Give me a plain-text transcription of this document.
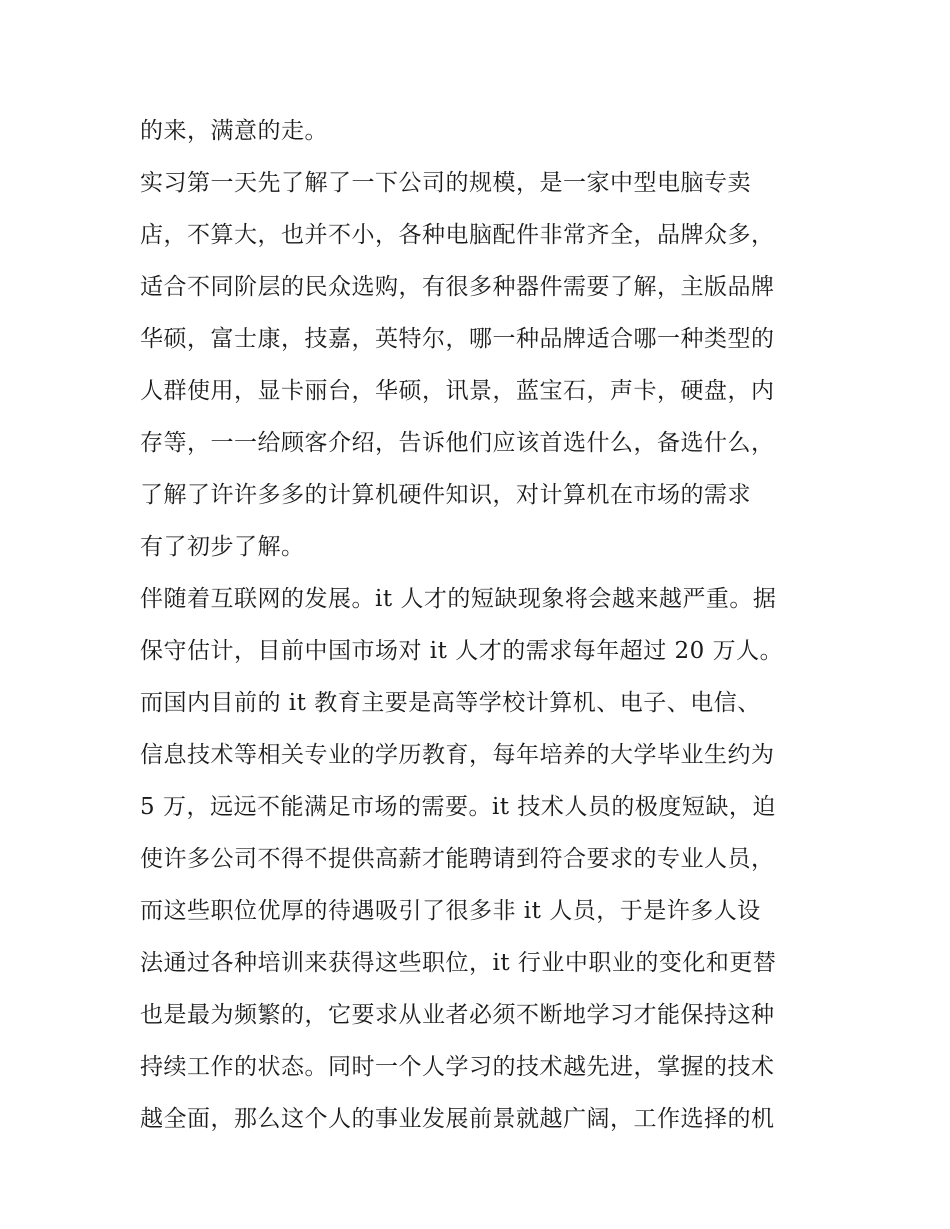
的来，满意的走。

实习第一天先了解了一下公司的规模，是一家中型电脑专卖

店，不算大，也并不小，各种电脑配件非常齐全，品牌众多，

适合不同阶层的民众选购，有很多种器件需要了解，主版品牌

华硕，富士康，技嘉，英特尔，哪一种品牌适合哪一种类型的

人群使用，显卡丽台，华硕，讯景，蓝宝石，声卡，硬盘，内

存等，一一给顾客介绍，告诉他们应该首选什么，备选什么，

了解了许许多多的计算机硬件知识，对计算机在市场的需求

有了初步了解。

伴随着互联网的发展。it 人才的短缺现象将会越来越严重。据

保守估计，目前中国市场对 it 人才的需求每年超过 20 万人。

而国内目前的 it 教育主要是高等学校计算机、电子、电信、

信息技术等相关专业的学历教育，每年培养的大学毕业生约为

5 万，远远不能满足市场的需要。it 技术人员的极度短缺，迫

使许多公司不得不提供高薪才能聘请到符合要求的专业人员，

而这些职位优厚的待遇吸引了很多非 it 人员，于是许多人设

法通过各种培训来获得这些职位，it 行业中职业的变化和更替

也是最为频繁的，它要求从业者必须不断地学习才能保持这种

持续工作的状态。同时一个人学习的技术越先进，掌握的技术

越全面，那么这个人的事业发展前景就越广阔，工作选择的机
